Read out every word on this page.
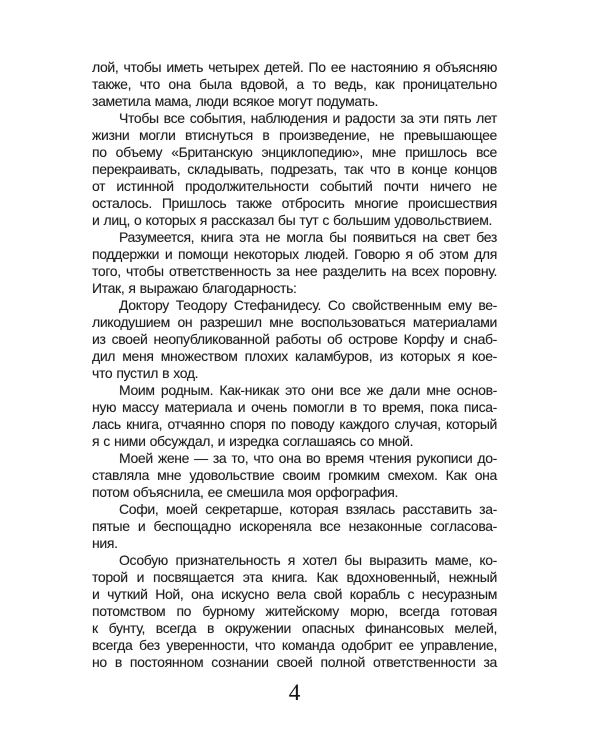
лой, чтобы иметь четырех детей. По ее настоянию я объясняю
также, что она была вдовой, а то ведь, как проницательно
заметила мама, люди всякое могут подумать.
Чтобы все события, наблюдения и радости за эти пять лет
жизни могли втиснуться в произведение, не превышающее
по объему «Британскую энциклопедию», мне пришлось все
перекраивать, складывать, подрезать, так что в конце концов
от истинной продолжительности событий почти ничего не
осталось. Пришлось также отбросить многие происшествия
и лиц, о которых я рассказал бы тут с большим удовольствием.
Разумеется, книга эта не могла бы появиться на свет без
поддержки и помощи некоторых людей. Говорю я об этом для
того, чтобы ответственность за нее разделить на всех поровну.
Итак, я выражаю благодарность:
Доктору Теодору Стефанидесу. Со свойственным ему ве-
ликодушием он разрешил мне воспользоваться материалами
из своей неопубликованной работы об острове Корфу и снаб-
дил меня множеством плохих каламбуров, из которых я кое-
что пустил в ход.
Моим родным. Как-никак это они все же дали мне основ-
ную массу материала и очень помогли в то время, пока писа-
лась книга, отчаянно споря по поводу каждого случая, который
я с ними обсуждал, и изредка соглашаясь со мной.
Моей жене — за то, что она во время чтения рукописи до-
ставляла мне удовольствие своим громким смехом. Как она
потом объяснила, ее смешила моя орфография.
Софи, моей секретарше, которая взялась расставить за-
пятые и беспощадно искореняла все незаконные согласова-
ния.
Особую признательность я хотел бы выразить маме, ко-
торой и посвящается эта книга. Как вдохновенный, нежный
и чуткий Ной, она искусно вела свой корабль с несуразным
потомством по бурному житейскому морю, всегда готовая
к бунту, всегда в окружении опасных финансовых мелей,
всегда без уверенности, что команда одобрит ее управление,
но в постоянном сознании своей полной ответственности за
4
